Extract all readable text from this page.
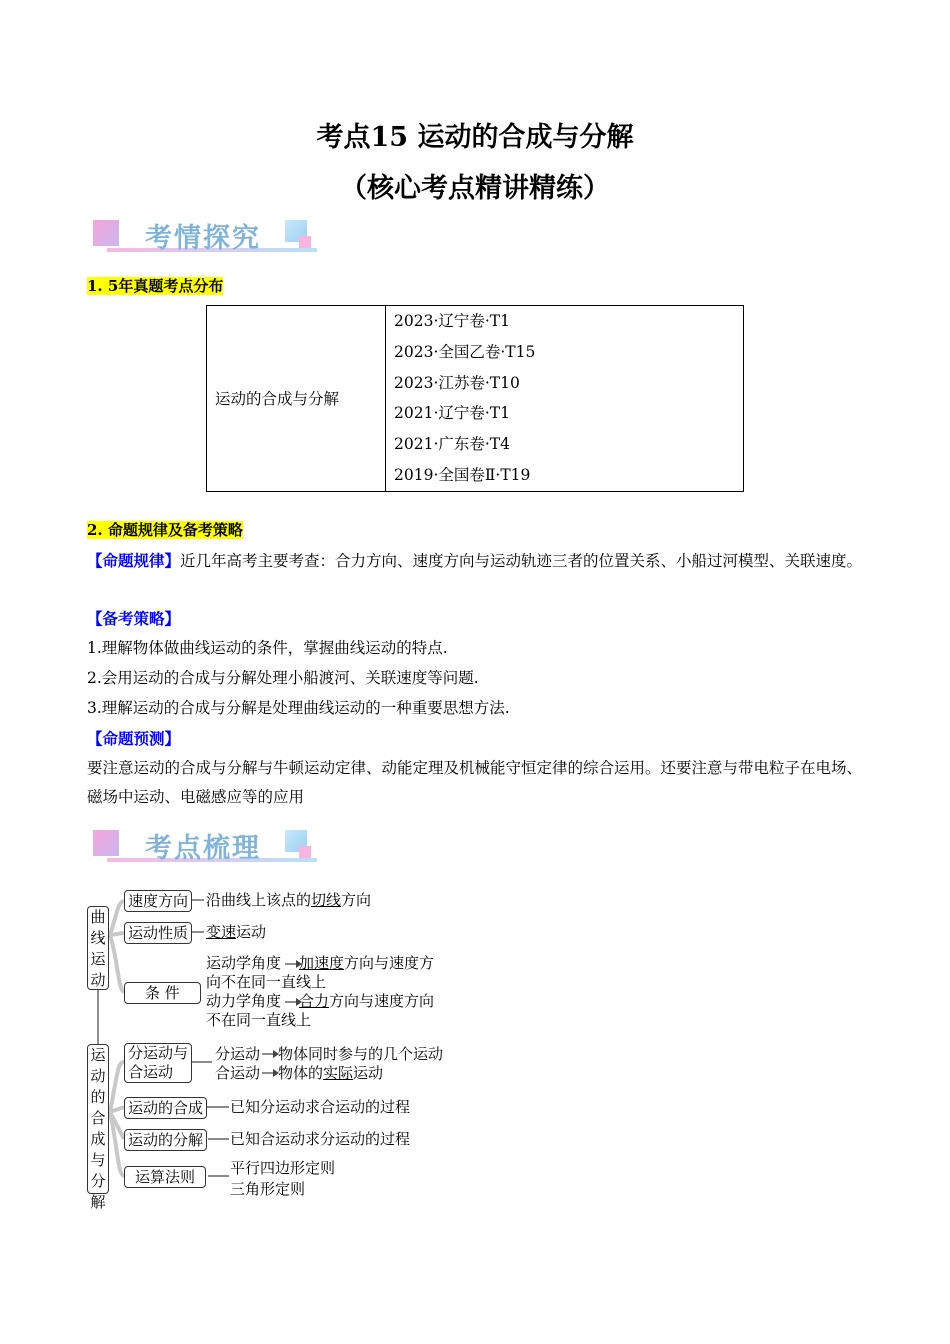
考点15 运动的合成与分解
（核心考点精讲精练）
考情探究
1. 5年真题考点分布
运动的合成与分解	
2023·辽宁卷·T1
2023·全国乙卷·T15
2023·江苏卷·T10
2021·辽宁卷·T1
2021·广东卷·T4
2019·全国卷Ⅱ·T19
2. 命题规律及备考策略
【命题规律】近几年高考主要考查：合力方向、速度方向与运动轨迹三者的位置关系、小船过河模型、关联速度。
【备考策略】
1.理解物体做曲线运动的条件，掌握曲线运动的特点.
2.会用运动的合成与分解处理小船渡河、关联速度等问题.
3.理解运动的合成与分解是处理曲线运动的一种重要思想方法.
【命题预测】
要注意运动的合成与分解与牛顿运动定律、动能定理及机械能守恒定律的综合运用。还要注意与带电粒子在电场、磁场中运动、电磁感应等的应用
考点梳理
曲线运动
运动的合成与分解
速度方向 沿曲线上该点的切线方向
运动性质 变速运动
条 件
运动学角度 加速度方向与速度方
向不在同一直线上
动力学角度 合力方向与速度方向
不在同一直线上
分运动与
合运动
分运动 物体同时参与的几个运动
合运动 物体的实际运动
运动的合成 已知分运动求合运动的过程
运动的分解 已知合运动求分运动的过程
运算法则	平行四边形定则
三角形定则
